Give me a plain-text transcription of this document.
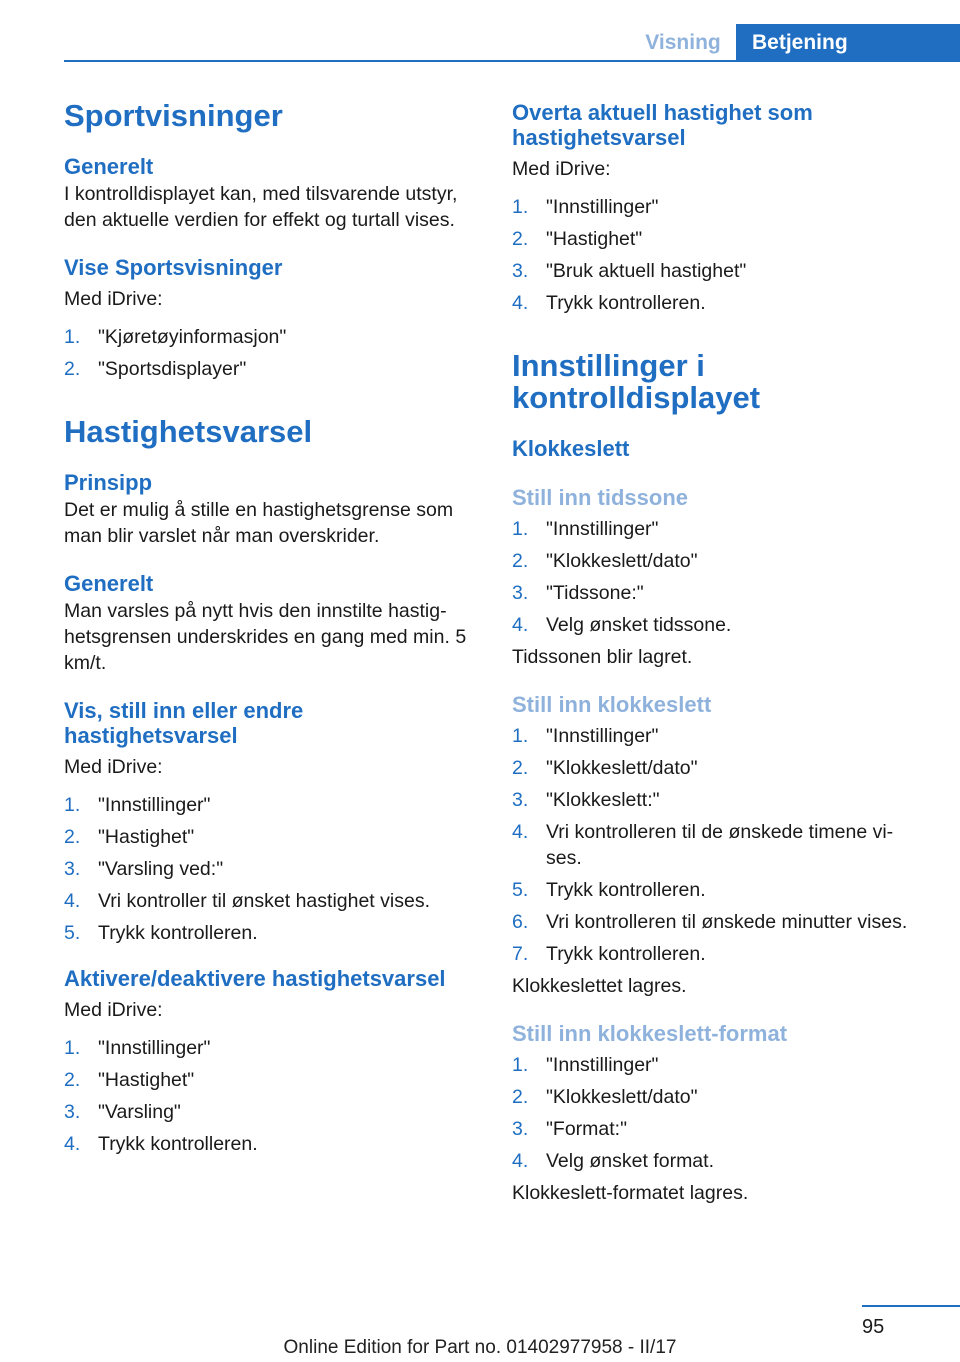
Visning	Betjening
Sportvisninger
Generelt

I kontrolldisplayet kan, med tilsvarende utstyr, den aktuelle verdien for effekt og turtall vises.

Vise Sportsvisninger

Med iDrive:

1. "Kjøretøyinformasjon"
2. "Sportsdisplayer"
Hastighetsvarsel
Prinsipp

Det er mulig å stille en hastighetsgrense som man blir varslet når man overskrider.

Generelt

Man varsles på nytt hvis den innstilte hastig‐ hetsgrensen underskrides en gang med min. 5 km/t.

Vis, still inn eller endre hastighetsvarsel

Med iDrive:

1. "Innstillinger"
2. "Hastighet"
3. "Varsling ved:"
4. Vri kontroller til ønsket hastighet vises.
5. Trykk kontrolleren.
Aktivere/deaktivere hastighetsvarsel

Med iDrive:

1. "Innstillinger"
2. "Hastighet"
3. "Varsling"
4. Trykk kontrolleren.
Overta aktuell hastighet som hastighetsvarsel

Med iDrive:

1. "Innstillinger"
2. "Hastighet"
3. "Bruk aktuell hastighet"
4. Trykk kontrolleren.
Innstillinger i kontrolldisplayet
Klokkeslett
Still inn tidssone
1. "Innstillinger"
2. "Klokkeslett/dato"
3. "Tidssone:"
4. Velg ønsket tidssone.

Tidssonen blir lagret.

Still inn klokkeslett
1. "Innstillinger"
2. "Klokkeslett/dato"
3. "Klokkeslett:"
4. Vri kontrolleren til de ønskede timene vi‐ ses.
5. Trykk kontrolleren.
6. Vri kontrolleren til ønskede minutter vises.
7. Trykk kontrolleren.

Klokkeslettet lagres.

Still inn klokkeslett-format
1. "Innstillinger"
2. "Klokkeslett/dato"
3. "Format:"
4. Velg ønsket format.

Klokkeslett-formatet lagres.

95
Online Edition for Part no. 01402977958 - II/17
